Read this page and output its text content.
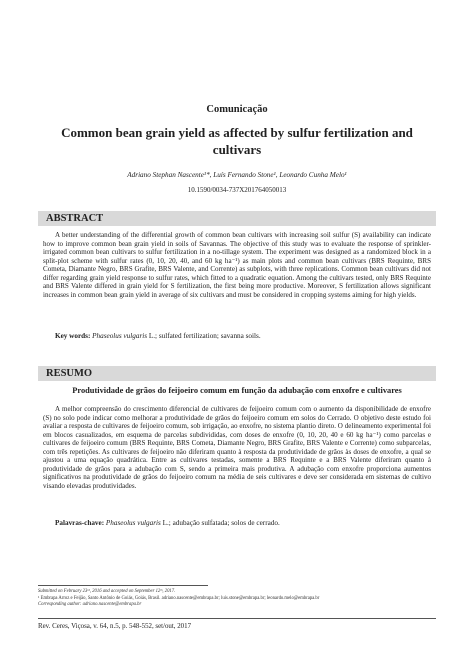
Comunicação
Common bean grain yield as affected by sulfur fertilization and cultivars
Adriano Stephan Nascente¹*, Luís Fernando Stone¹, Leonardo Cunha Melo¹
10.1590/0034-737X201764050013
ABSTRACT
A better understanding of the differential growth of common bean cultivars with increasing soil sulfur (S) availability can indicate how to improve common bean grain yield in soils of Savannas. The objective of this study was to evaluate the response of sprinkler-irrigated common bean cultivars to sulfur fertilization in a no-tillage system. The experiment was designed as a randomized block in a split-plot scheme with sulfur rates (0, 10, 20, 40, and 60 kg ha⁻¹) as main plots and common bean cultivars (BRS Requinte, BRS Cometa, Diamante Negro, BRS Grafite, BRS Valente, and Corrente) as subplots, with three replications. Common bean cultivars did not differ regarding grain yield response to sulfur rates, which fitted to a quadratic equation. Among the cultivars tested, only BRS Requinte and BRS Valente differed in grain yield for S fertilization, the first being more productive. Moreover, S fertilization allows significant increases in common bean grain yield in average of six cultivars and must be considered in cropping systems aiming for high yields.
Key words: Phaseolus vulgaris L.; sulfated fertilization; savanna soils.
RESUMO
Produtividade de grãos do feijoeiro comum em função da adubação com enxofre e cultivares
A melhor compreensão do crescimento diferencial de cultivares de feijoeiro comum com o aumento da disponibilidade de enxofre (S) no solo pode indicar como melhorar a produtividade de grãos do feijoeiro comum em solos do Cerrado. O objetivo deste estudo foi avaliar a resposta de cultivares de feijoeiro comum, sob irrigação, ao enxofre, no sistema plantio direto. O delineamento experimental foi em blocos casualizados, em esquema de parcelas subdivididas, com doses de enxofre (0, 10, 20, 40 e 60 kg ha⁻¹) como parcelas e cultivares de feijoeiro comum (BRS Requinte, BRS Cometa, Diamante Negro, BRS Grafite, BRS Valente e Corrente) como subparcelas, com três repetições. As cultivares de feijoeiro não diferiram quanto à resposta da produtividade de grãos às doses de enxofre, a qual se ajustou a uma equação quadrática. Entre as cultivares testadas, somente a BRS Requinte e a BRS Valente diferiram quanto à produtividade de grãos para a adubação com S, sendo a primeira mais produtiva. A adubação com enxofre proporciona aumentos significativos na produtividade de grãos do feijoeiro comum na média de seis cultivares e deve ser considerada em sistemas de cultivo visando elevadas produtividades.
Palavras-chave: Phaseolus vulgaris L.; adubação sulfatada; solos de cerrado.
Submitted on February 23ʳᵈ, 2016 and accepted on September 12ᵗʰ, 2017.
¹ Embrapa Arroz e Feijão, Santo Antônio de Goiás, Goiás, Brasil. adriano.nascente@embrapa.br; luis.stone@embrapa.br; leonardo.melo@embrapa.br
Corresponding author: adriano.nascente@embrapa.br
Rev. Ceres, Viçosa, v. 64, n.5, p. 548-552, set/out, 2017
